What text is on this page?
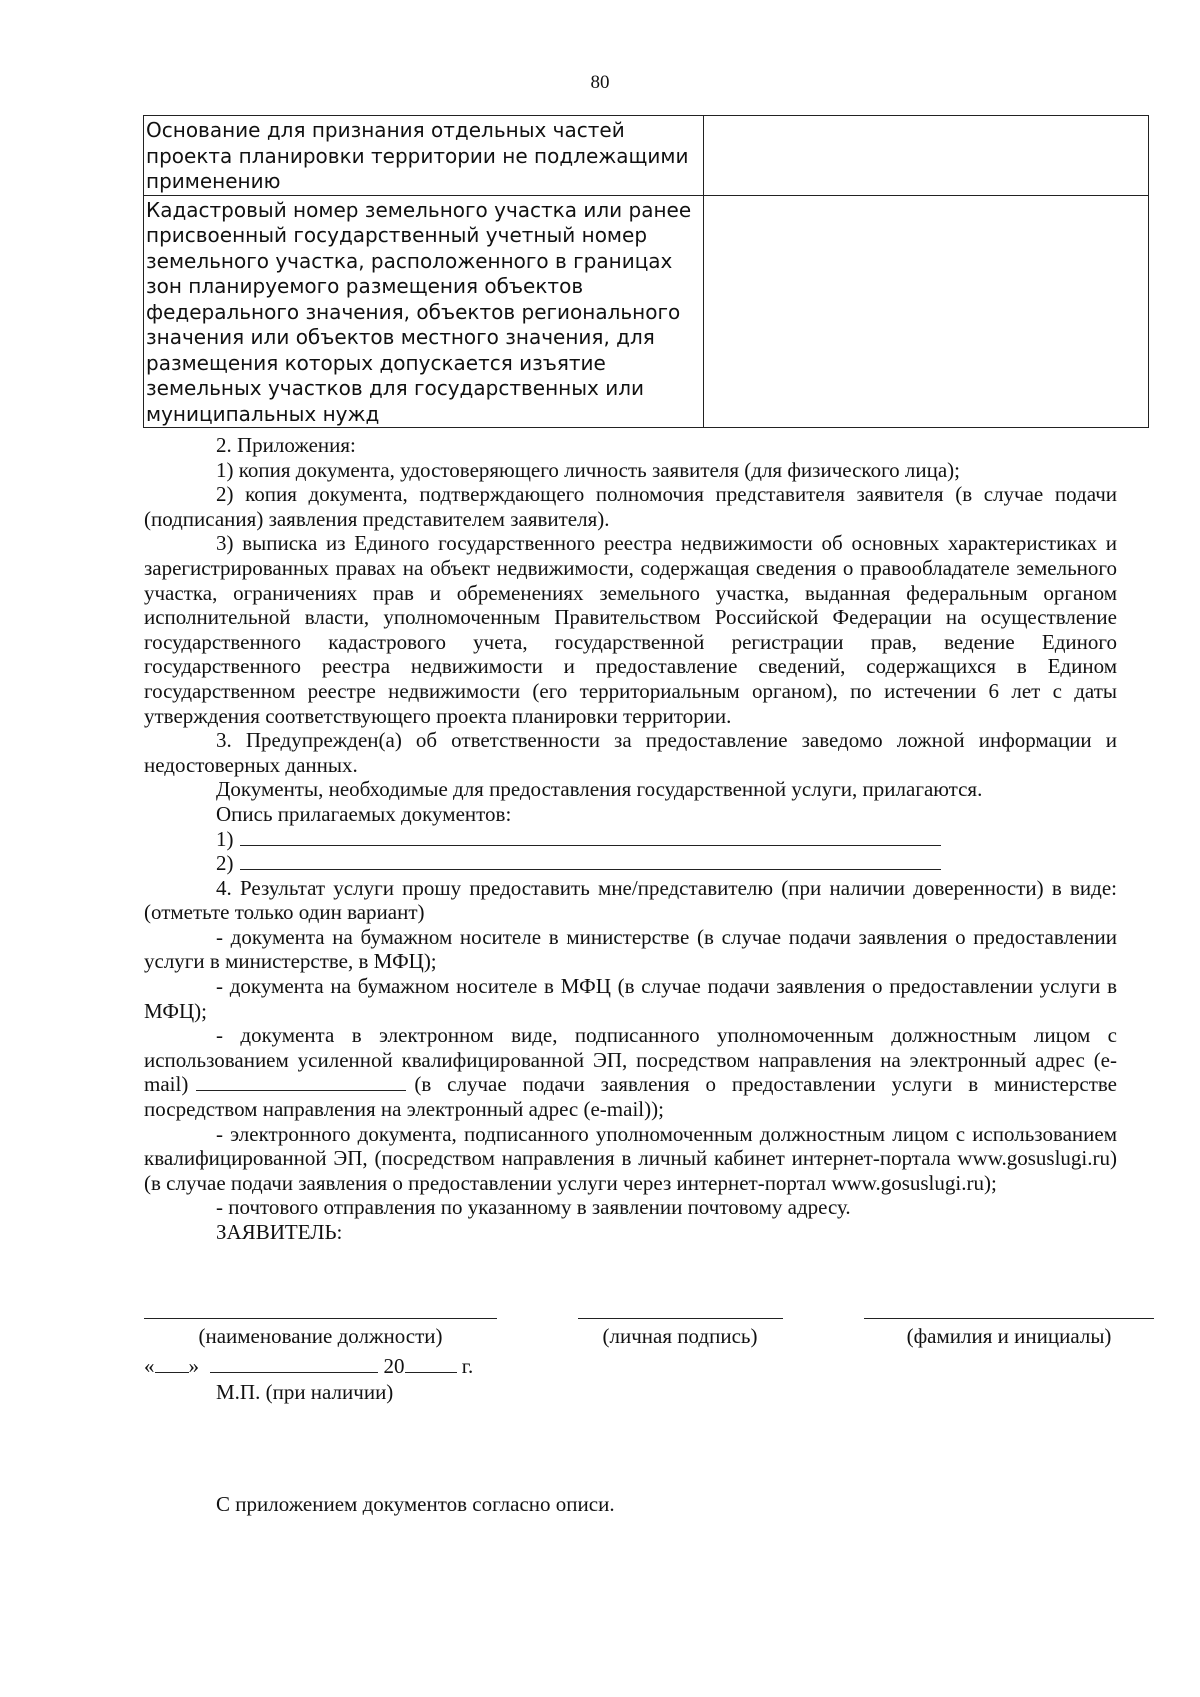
80
Основание для признания отдельных частей проекта планировки территории не подлежащими применению	
Кадастровый номер земельного участка или ранее присвоенный государственный учетный номер земельного участка, расположенного в границах зон планируемого размещения объектов федерального значения, объектов регионального значения или объектов местного значения, для размещения которых допускается изъятие земельных участков для государственных или муниципальных нужд	

2. Приложения:

1) копия документа, удостоверяющего личность заявителя (для физического лица);

2) копия документа, подтверждающего полномочия представителя заявителя (в случае подачи (подписания) заявления представителем заявителя).

3) выписка из Единого государственного реестра недвижимости об основных характеристиках и зарегистрированных правах на объект недвижимости, содержащая сведения о правообладателе земельного участка, ограничениях прав и обременениях земельного участка, выданная федеральным органом исполнительной власти, уполномоченным Правительством Российской Федерации на осуществление государственного кадастрового учета, государственной регистрации прав, ведение Единого государственного реестра недвижимости и предоставление сведений, содержащихся в Едином государственном реестре недвижимости (его территориальным органом), по истечении 6 лет с даты утверждения соответствующего проекта планировки территории.

3. Предупрежден(а) об ответственности за предоставление заведомо ложной информации и недостоверных данных.

Документы, необходимые для предоставления государственной услуги, прилагаются.

Опись прилагаемых документов:

1)

2)

4. Результат услуги прошу предоставить мне/представителю (при наличии доверенности) в виде: (отметьте только один вариант)

- документа на бумажном носителе в министерстве (в случае подачи заявления о предоставлении услуги в министерстве, в МФЦ);

- документа на бумажном носителе в МФЦ (в случае подачи заявления о предоставлении услуги в МФЦ);

- документа в электронном виде, подписанного уполномоченным должностным лицом с использованием усиленной квалифицированной ЭП, посредством направления на электронный адрес (e-mail)	(в случае подачи заявления о предоставлении услуги в министерстве посредством направления на электронный адрес (e-mail));

- электронного документа, подписанного уполномоченным должностным лицом с использованием квалифицированной ЭП, (посредством направления в личный кабинет интернет-портала www.gosuslugi.ru) (в случае подачи заявления о предоставлении услуги через интернет-портал www.gosuslugi.ru);

- почтового отправления по указанному в заявлении почтовому адресу.

ЗАЯВИТЕЛЬ:

(наименование должности)	(личная подпись)	(фамилия и инициалы)
« »	20	г.
М.П. (при наличии)
С приложением документов согласно описи.
